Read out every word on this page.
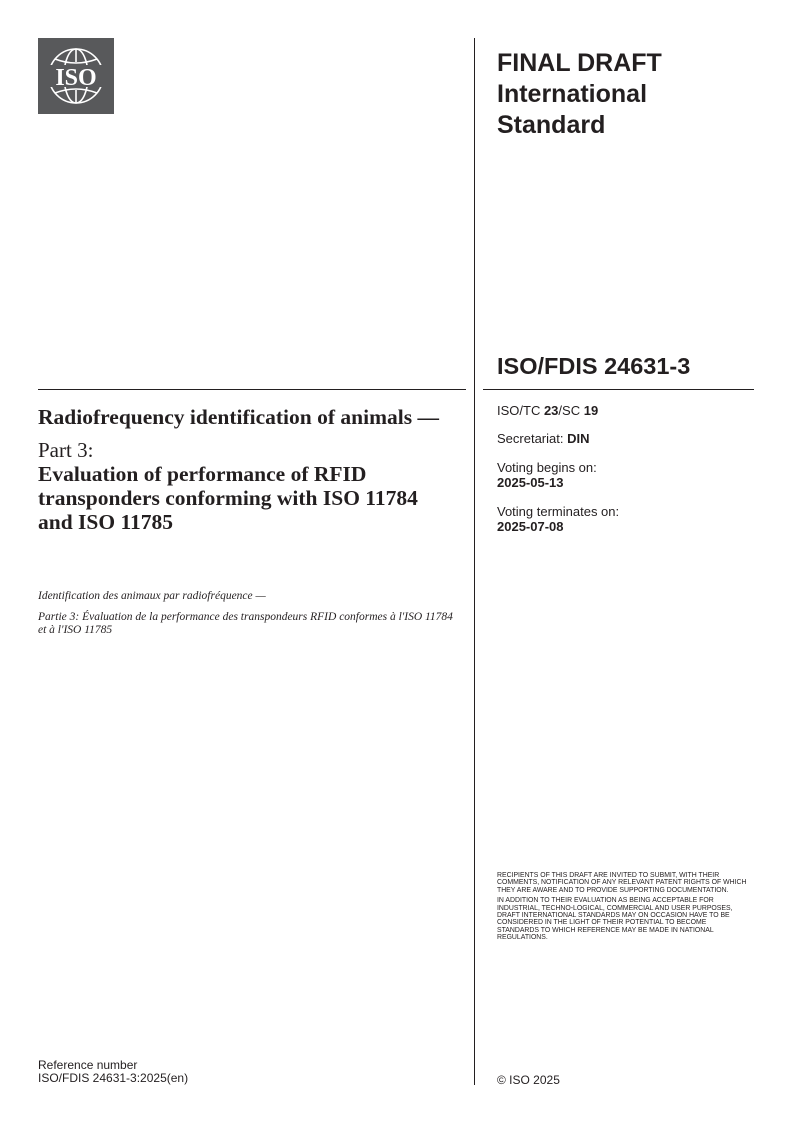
ISO
FINAL DRAFT
International
Standard
ISO/FDIS 24631-3
ISO/TC 23/SC 19
Secretariat: DIN
Voting begins on:
2025-05-13
Voting terminates on:
2025-07-08
Radiofrequency identification of animals —
Part 3:
Evaluation of performance of RFID transponders conforming with ISO 11784 and ISO 11785
Identification des animaux par radiofréquence —
Partie 3: Évaluation de la performance des transpondeurs RFID conformes à l'ISO 11784 et à l'ISO 11785

RECIPIENTS OF THIS DRAFT ARE INVITED TO SUBMIT, WITH THEIR COMMENTS, NOTIFICATION OF ANY RELEVANT PATENT RIGHTS OF WHICH THEY ARE AWARE AND TO PROVIDE SUPPORTING DOCUMENTATION.

IN ADDITION TO THEIR EVALUATION AS BEING ACCEPTABLE FOR INDUSTRIAL, TECHNO-LOGICAL, COMMERCIAL AND USER PURPOSES, DRAFT INTERNATIONAL STANDARDS MAY ON OCCASION HAVE TO BE CONSIDERED IN THE LIGHT OF THEIR POTENTIAL TO BECOME STANDARDS TO WHICH REFERENCE MAY BE MADE IN NATIONAL REGULATIONS.

Reference number
ISO/FDIS 24631-3:2025(en)	© ISO 2025
